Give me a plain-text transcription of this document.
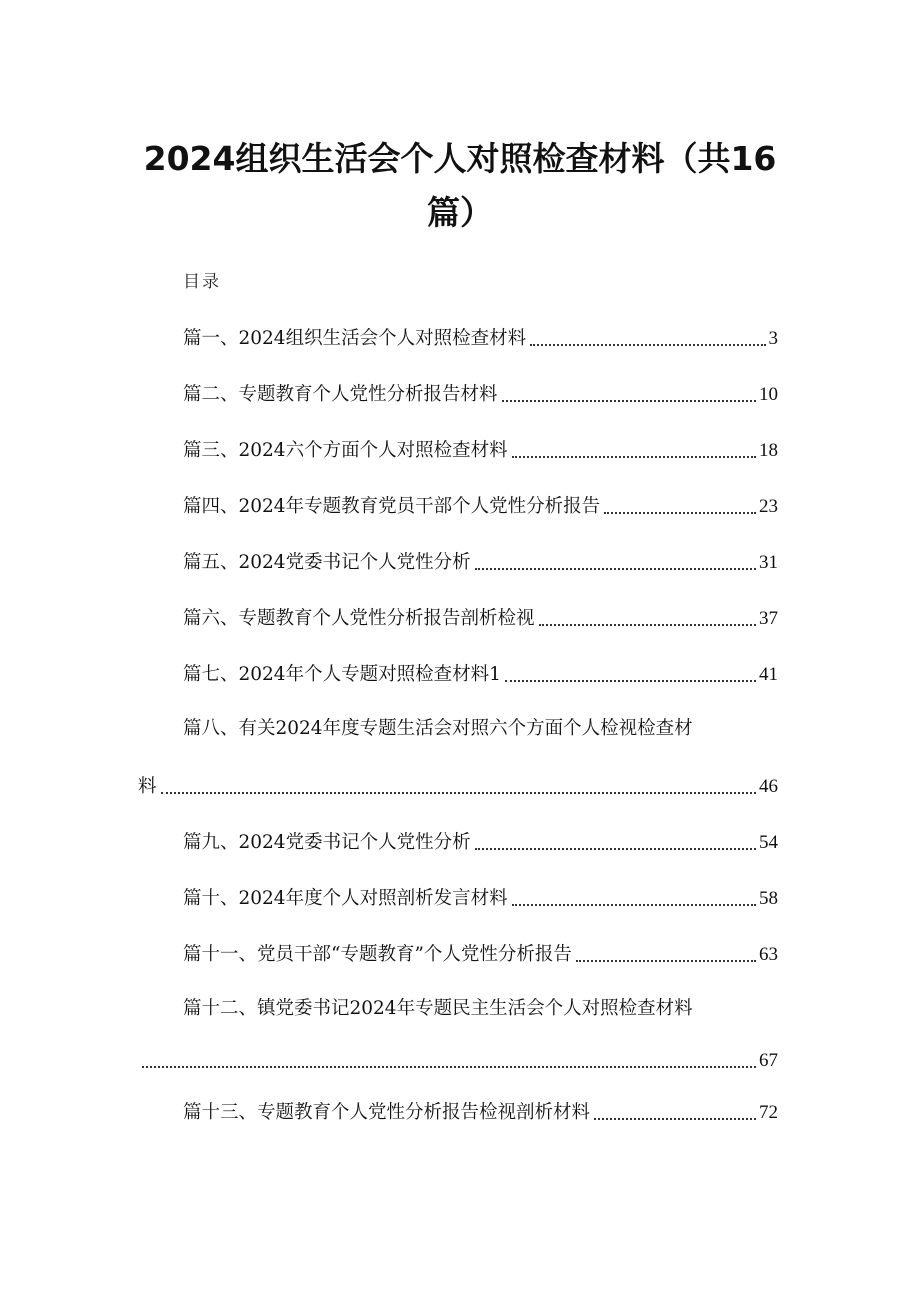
2024组织生活会个人对照检查材料（共16
篇）
目录
篇一、2024组织生活会个人对照检查材料	3
篇二、专题教育个人党性分析报告材料	10
篇三、2024六个方面个人对照检查材料	18
篇四、2024年专题教育党员干部个人党性分析报告	23
篇五、2024党委书记个人党性分析	31
篇六、专题教育个人党性分析报告剖析检视	37
篇七、2024年个人专题对照检查材料1	41
篇八、有关2024年度专题生活会对照六个方面个人检视检查材
料	46
篇九、2024党委书记个人党性分析	54
篇十、2024年度个人对照剖析发言材料	58
篇十一、党员干部“专题教育”个人党性分析报告	63
篇十二、镇党委书记2024年专题民主生活会个人对照检查材料
67
篇十三、专题教育个人党性分析报告检视剖析材料	72
